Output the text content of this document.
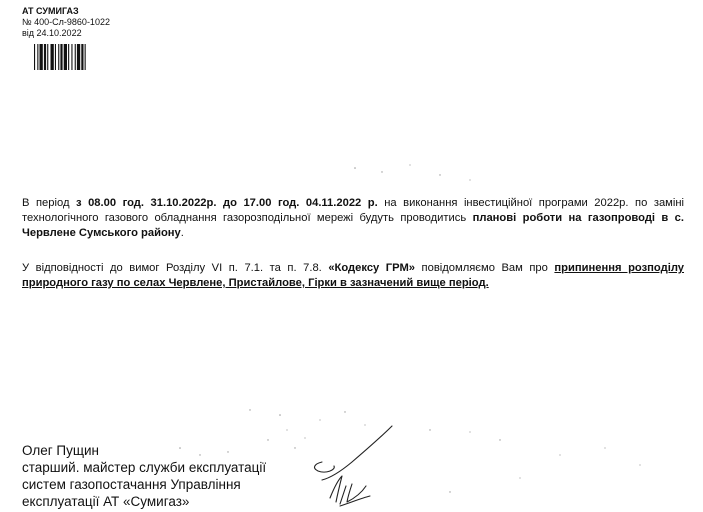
АТ СУМИГАЗ
№ 400-Сл-9860-1022
від 24.10.2022
В період з 08.00 год. 31.10.2022р. до 17.00 год. 04.11.2022 р. на виконання інвестиційної програми 2022р. по заміні технологічного газового обладнання газорозподільної мережі будуть проводитись планові роботи на газопроводі в с. Червлене Сумського району.
У відповідності до вимог Розділу VI п. 7.1. та п. 7.8. «Кодексу ГРМ» повідомляємо Вам про припинення розподілу природного газу по селах Червлене, Пристайлове, Гірки в зазначений вище період.
Олег Пущин
старший. майстер служби експлуатації
систем газопостачання Управління
експлуатації АТ «Сумигаз»
